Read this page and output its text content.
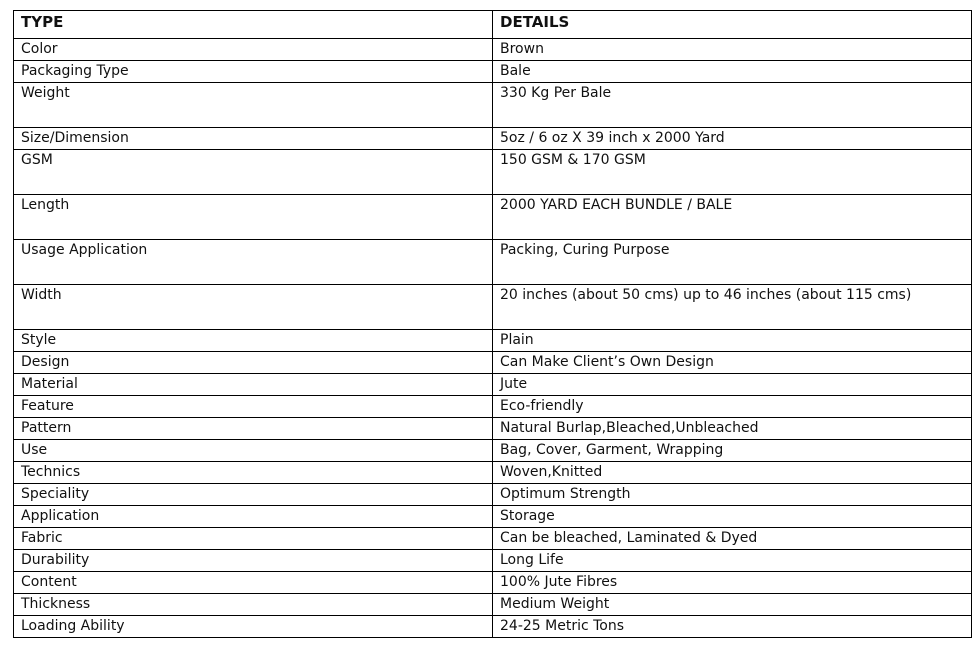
TYPE	DETAILS
Color	Brown
Packaging Type	Bale
Weight	330 Kg Per Bale
Size/Dimension	5oz / 6 oz X 39 inch x 2000 Yard
GSM	150 GSM & 170 GSM
Length	2000 YARD EACH BUNDLE / BALE
Usage Application	Packing, Curing Purpose
Width	20 inches (about 50 cms) up to 46 inches (about 115 cms)
Style	Plain
Design	Can Make Client’s Own Design
Material	Jute
Feature	Eco-friendly
Pattern	Natural Burlap,Bleached,Unbleached
Use	Bag, Cover, Garment, Wrapping
Technics	Woven,Knitted
Speciality	Optimum Strength
Application	Storage
Fabric	Can be bleached, Laminated & Dyed
Durability	Long Life
Content	100% Jute Fibres
Thickness	Medium Weight
Loading Ability	24-25 Metric Tons
